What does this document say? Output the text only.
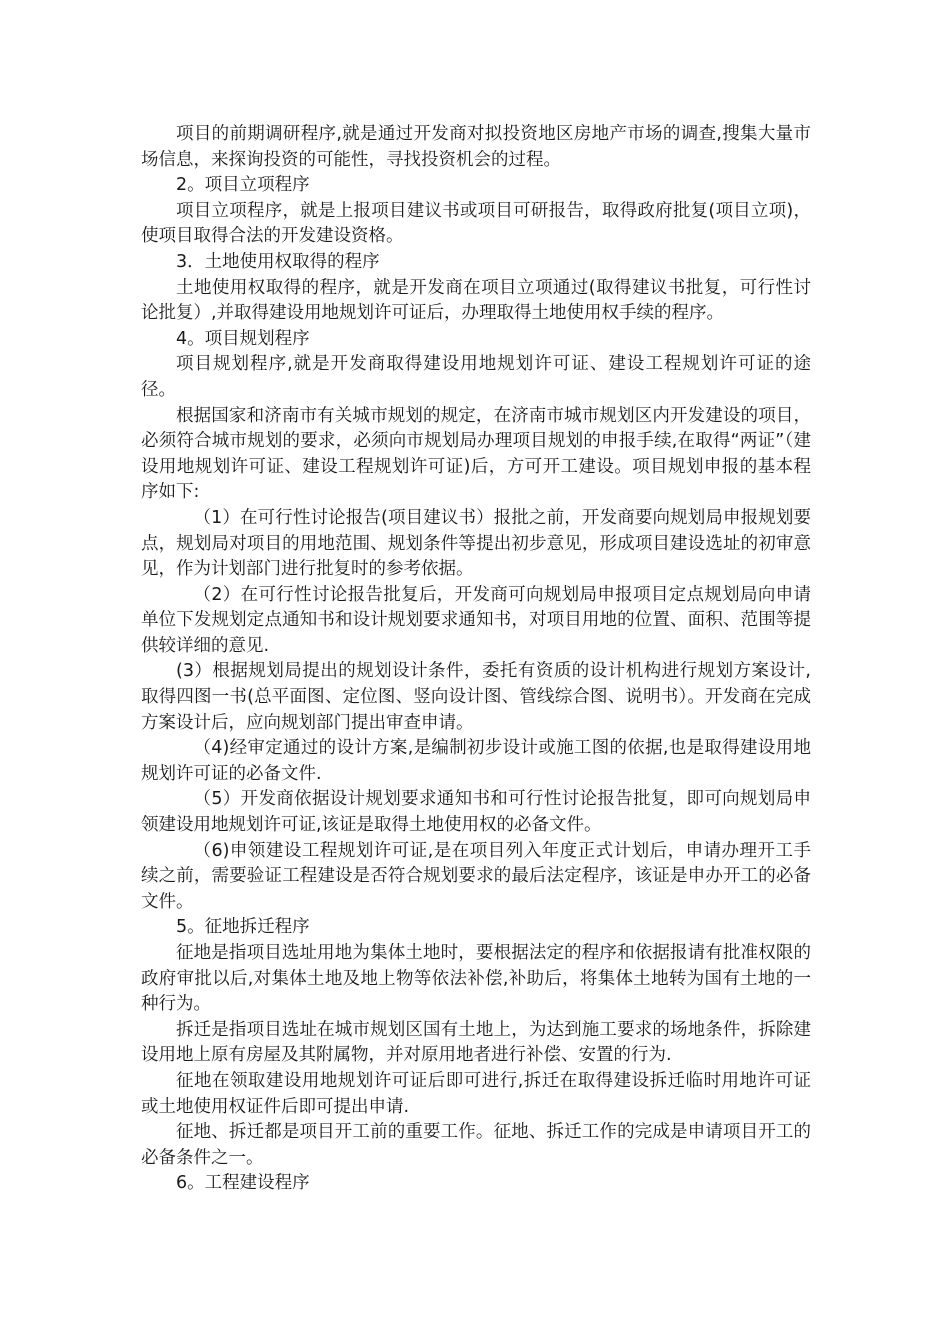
项目的前期调研程序,就是通过开发商对拟投资地区房地产市场的调查,搜集大量市场信息，来探询投资的可能性，寻找投资机会的过程。

2。项目立项程序

项目立项程序，就是上报项目建议书或项目可研报告，取得政府批复(项目立项)，使项目取得合法的开发建设资格。

3．土地使用权取得的程序

土地使用权取得的程序，就是开发商在项目立项通过(取得建议书批复，可行性讨论批复）,并取得建设用地规划许可证后，办理取得土地使用权手续的程序。

4。项目规划程序

项目规划程序,就是开发商取得建设用地规划许可证、建设工程规划许可证的途径。

根据国家和济南市有关城市规划的规定，在济南市城市规划区内开发建设的项目，必须符合城市规划的要求，必须向市规划局办理项目规划的申报手续,在取得“两证”（建设用地规划许可证、建设工程规划许可证)后，方可开工建设。项目规划申报的基本程序如下:

（1）在可行性讨论报告(项目建议书）报批之前，开发商要向规划局申报规划要点，规划局对项目的用地范围、规划条件等提出初步意见，形成项目建设选址的初审意见，作为计划部门进行批复时的参考依据。

（2）在可行性讨论报告批复后，开发商可向规划局申报项目定点规划局向申请单位下发规划定点通知书和设计规划要求通知书，对项目用地的位置、面积、范围等提供较详细的意见.

(3）根据规划局提出的规划设计条件，委托有资质的设计机构进行规划方案设计,取得四图一书(总平面图、定位图、竖向设计图、管线综合图、说明书）。开发商在完成方案设计后，应向规划部门提出审查申请。

（4)经审定通过的设计方案,是编制初步设计或施工图的依据,也是取得建设用地规划许可证的必备文件.

（5）开发商依据设计规划要求通知书和可行性讨论报告批复，即可向规划局申领建设用地规划许可证,该证是取得土地使用权的必备文件。

（6)申领建设工程规划许可证,是在项目列入年度正式计划后，申请办理开工手续之前，需要验证工程建设是否符合规划要求的最后法定程序，该证是申办开工的必备文件。

5。征地拆迁程序

征地是指项目选址用地为集体土地时，要根据法定的程序和依据报请有批准权限的政府审批以后,对集体土地及地上物等依法补偿,补助后，将集体土地转为国有土地的一种行为。

拆迁是指项目选址在城市规划区国有土地上，为达到施工要求的场地条件，拆除建设用地上原有房屋及其附属物，并对原用地者进行补偿、安置的行为.

征地在领取建设用地规划许可证后即可进行,拆迁在取得建设拆迁临时用地许可证或土地使用权证件后即可提出申请.

征地、拆迁都是项目开工前的重要工作。征地、拆迁工作的完成是申请项目开工的必备条件之一。

6。工程建设程序
